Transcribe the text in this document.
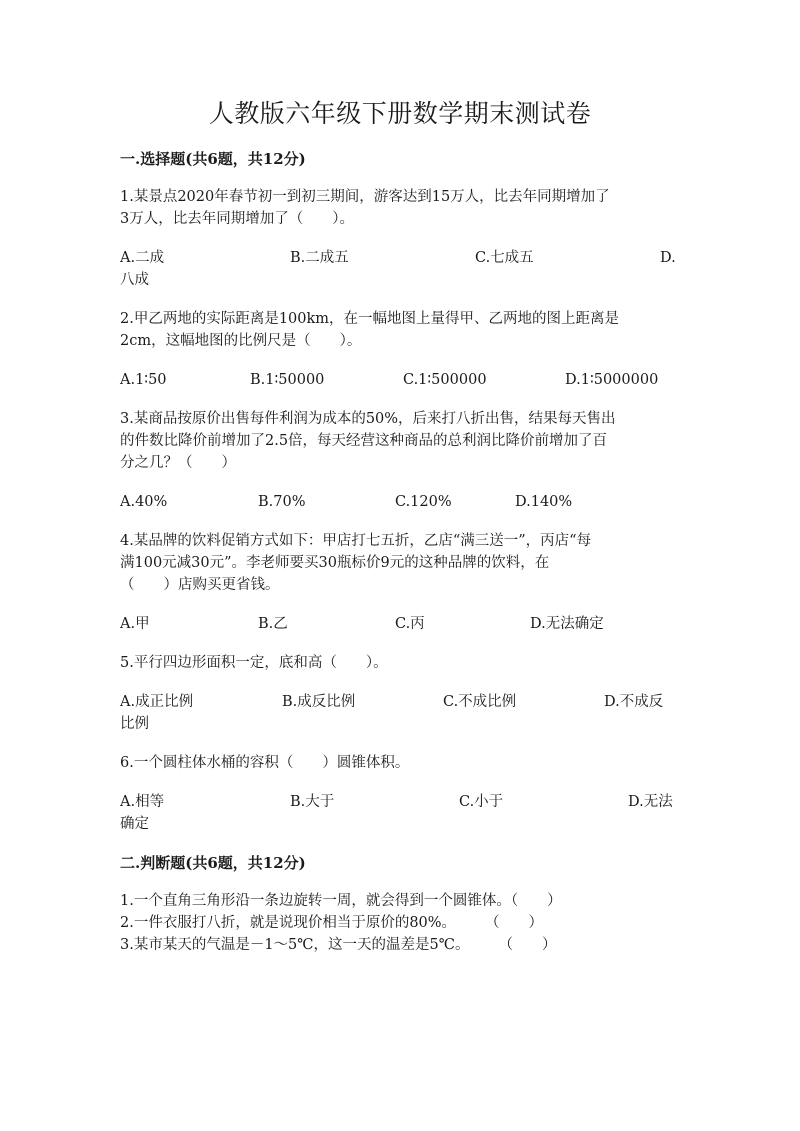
人教版六年级下册数学期末测试卷
一.选择题(共6题，共12分)
1.某景点2020年春节初一到初三期间，游客达到15万人，比去年同期增加了
3万人，比去年同期增加了（　　）。
A.二成	B.二成五	C.七成五	D.
八成
2.甲乙两地的实际距离是100km，在一幅地图上量得甲、乙两地的图上距离是
2cm，这幅地图的比例尺是（　　）。
A.1∶50	B.1∶50000	C.1∶500000	D.1∶5000000
3.某商品按原价出售每件利润为成本的50%，后来打八折出售，结果每天售出
的件数比降价前增加了2.5倍，每天经营这种商品的总利润比降价前增加了百
分之几？（　　）
A.40%	B.70%	C.120%	D.140%
4.某品牌的饮料促销方式如下：甲店打七五折，乙店“满三送一”，丙店“每
满100元减30元”。李老师要买30瓶标价9元的这种品牌的饮料，在
（　　）店购买更省钱。
A.甲	B.乙	C.丙	D.无法确定
5.平行四边形面积一定，底和高（　　）。
A.成正比例	B.成反比例	C.不成比例	D.不成反
比例
6.一个圆柱体水桶的容积（　　）圆锥体积。
A.相等	B.大于	C.小于	D.无法
确定
二.判断题(共6题，共12分)
1.一个直角三角形沿一条边旋转一周，就会得到一个圆锥体。（　　）
2.一件衣服打八折，就是说现价相当于原价的80%。　　　（　　）
3.某市某天的气温是－1～5℃，这一天的温差是5℃。　　　（　　）
